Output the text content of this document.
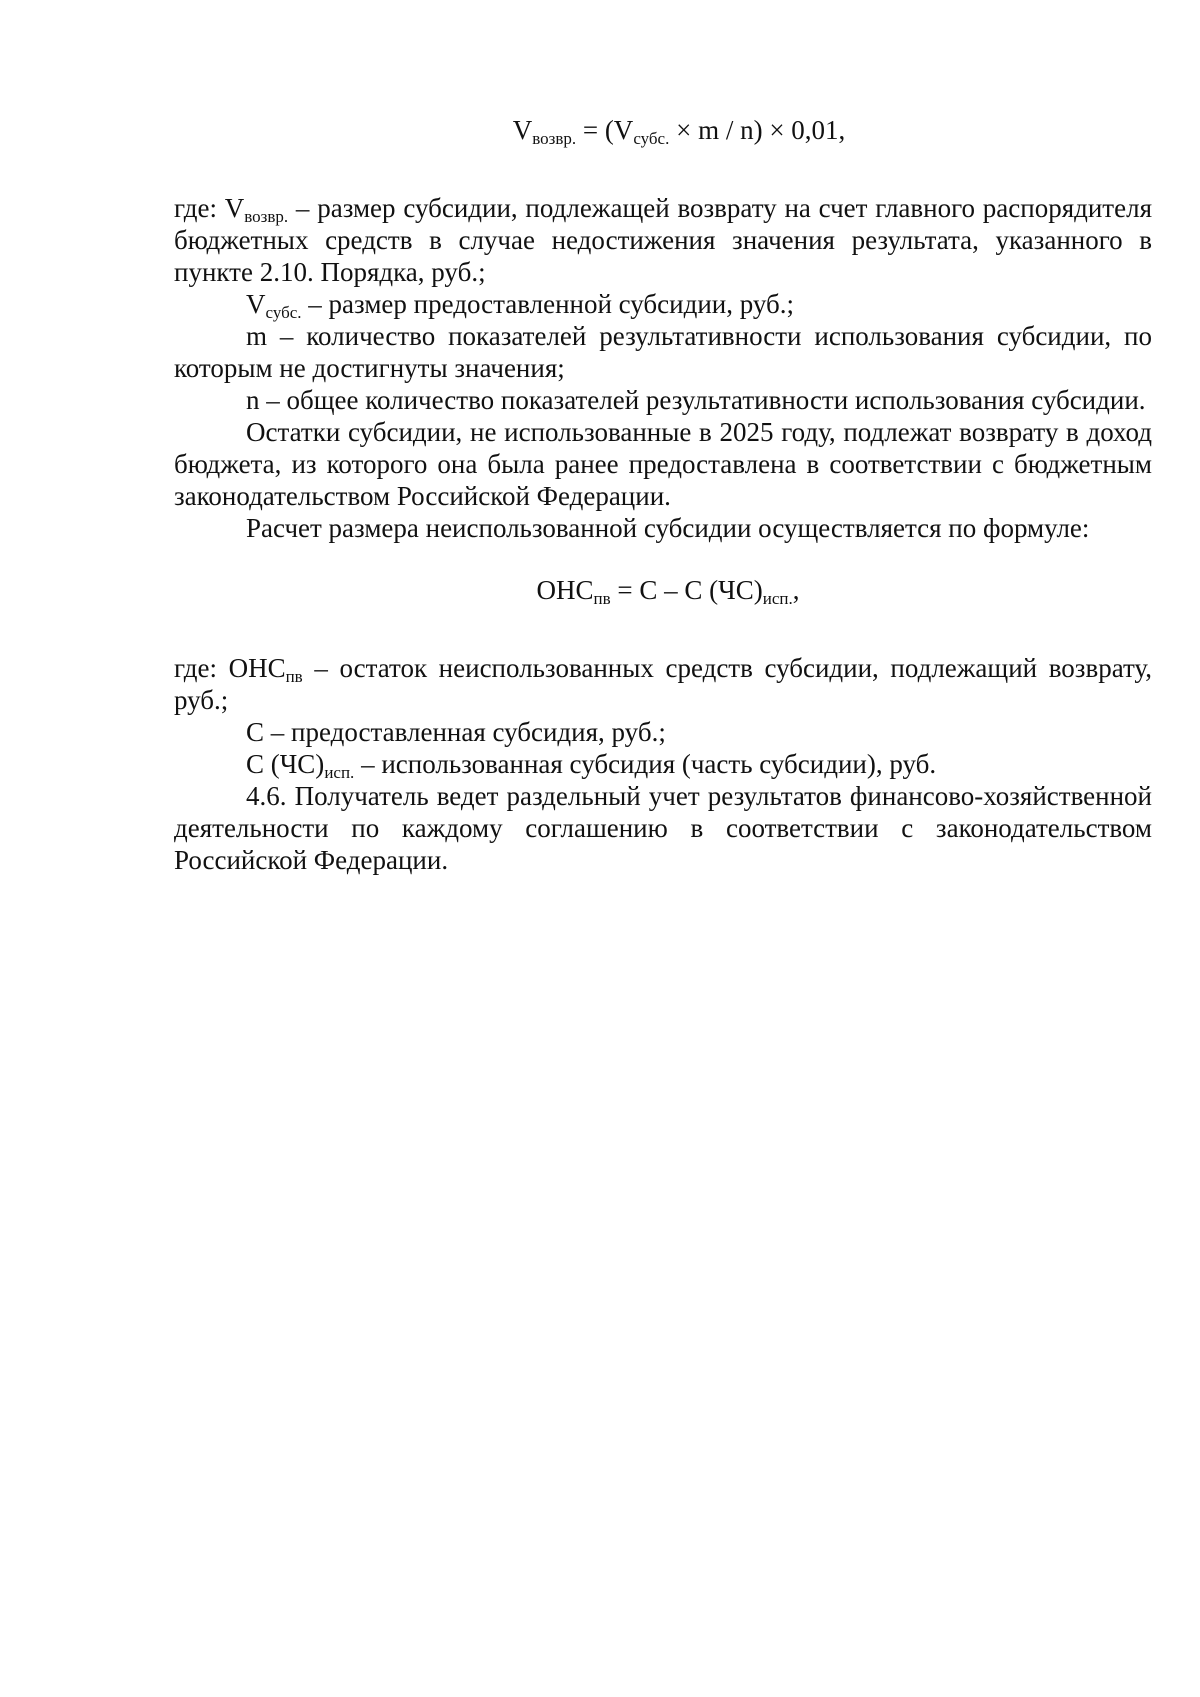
$V_{возвр.} = (V_{субс.} \times m / n) \times 0,01$,

где: $V_{возвр.}$ – размер субсидии, подлежащей возврату на счет главного распорядителя бюджетных средств в случае недостижения значения результата, указанного в пункте 2.10. Порядка, руб.;

$V_{субс.}$ – размер предоставленной субсидии, руб.;

m – количество показателей результативности использования субсидии, по которым не достигнуты значения;

n – общее количество показателей результативности использования субсидии.

Остатки субсидии, не использованные в 2025 году, подлежат возврату в доход бюджета, из которого она была ранее предоставлена в соответствии с бюджетным законодательством Российской Федерации.

Расчет размера неиспользованной субсидии осуществляется по формуле:

$ОНС_{пв} = С - С$ $(ЧС)_{исп.}$,

где: $ОНС_{пв}$ – остаток неиспользованных средств субсидии, подлежащий возврату, руб.;

С – предоставленная субсидия, руб.;

С $(ЧС)_{исп.}$ – использованная субсидия (часть субсидии), руб.

4.6. Получатель ведет раздельный учет результатов финансово-хозяйственной деятельности по каждому соглашению в соответствии с законодательством Российской Федерации.
